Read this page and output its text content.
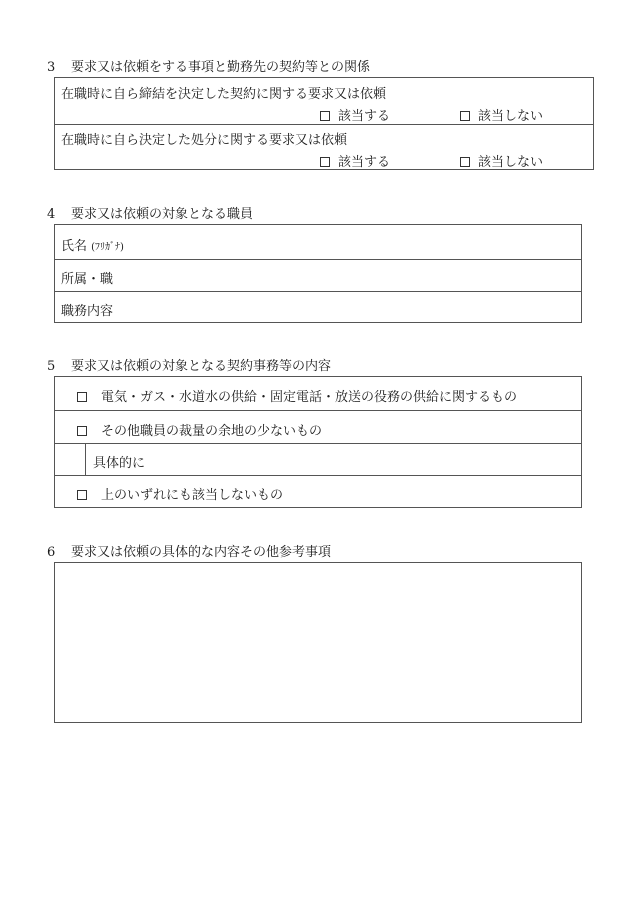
3 要求又は依頼をする事項と勤務先の契約等との関係
在職時に自ら締結を決定した契約に関する要求又は依頼
該当する	該当しない
在職時に自ら決定した処分に関する要求又は依頼
該当する	該当しない
4 要求又は依頼の対象となる職員
氏名 (ﾌﾘｶﾞﾅ)
所属・職
職務内容
5 要求又は依頼の対象となる契約事務等の内容
電気・ガス・水道水の供給・固定電話・放送の役務の供給に関するもの
その他職員の裁量の余地の少ないもの
具体的に
上のいずれにも該当しないもの
6 要求又は依頼の具体的な内容その他参考事項
